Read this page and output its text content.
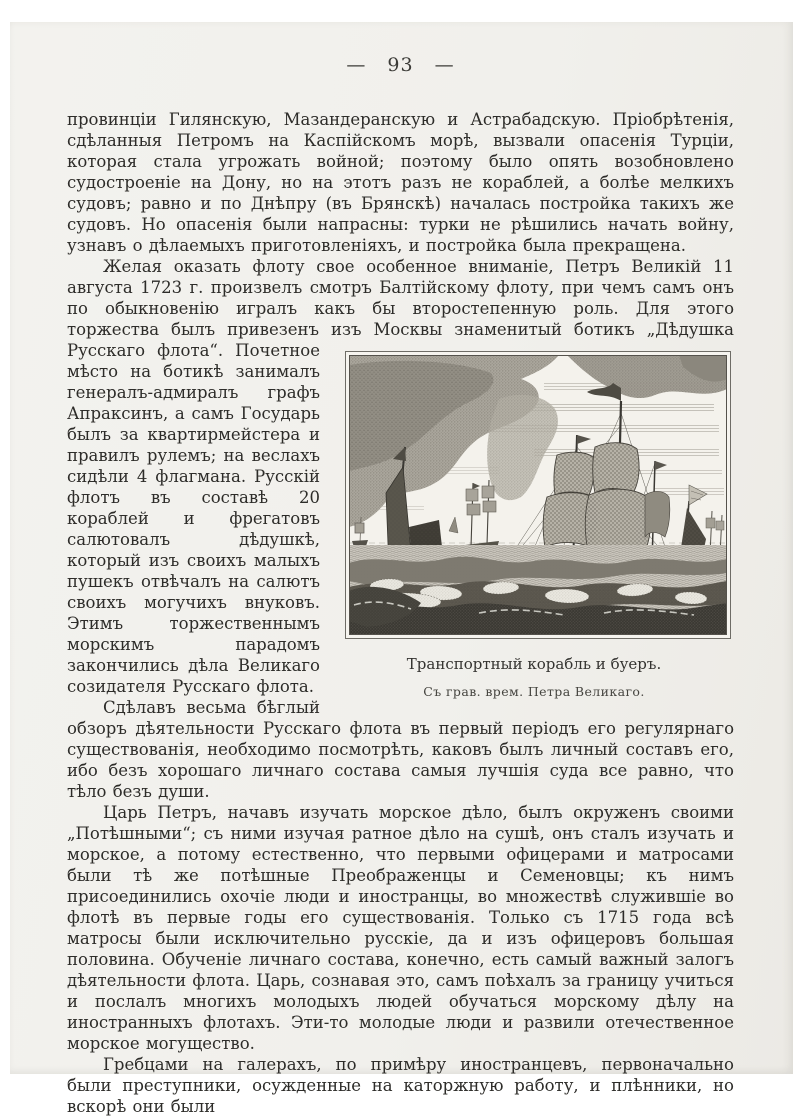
— 93 —

провинціи Гилянскую, Мазандеранскую и Астрабадскую. Пріобрѣтенія, сдѣланныя Петромъ на Каспійскомъ морѣ, вызвали опасенія Турціи, которая стала угрожать войной; поэтому было опять возобновлено судостроеніе на Дону, но на этотъ разъ не кораблей, а болѣе мелкихъ судовъ; равно и по Днѣпру (въ Брянскѣ) началась постройка такихъ же судовъ. Но опасенія были напрасны: турки не рѣшились начать войну, узнавъ о дѣлаемыхъ приготовленіяхъ, и постройка была прекращена.

Транспортный корабль и буеръ.
Съ грав. врем. Петра Великаго.

Желая оказать флоту свое особенное вниманіе, Петръ Великій 11 августа 1723 г. произвелъ смотръ Балтійскому флоту, при чемъ самъ онъ по обыкновенію игралъ какъ бы второстепенную роль. Для этого торжества былъ привезенъ изъ Москвы знаменитый ботикъ „Дѣдушка Русскаго флота“. Почетное мѣсто на ботикѣ занималъ генералъ-адмиралъ графъ Апраксинъ, а самъ Государь былъ за квартирмейстера и правилъ рулемъ; на веслахъ сидѣли 4 флагмана. Русскій флотъ въ составѣ 20 кораблей и фрегатовъ салютовалъ дѣдушкѣ, который изъ своихъ малыхъ пушекъ отвѣчалъ на салютъ своихъ могучихъ внуковъ. Этимъ торжественнымъ морскимъ парадомъ закончились дѣла Великаго созидателя Русскаго флота.

Сдѣлавъ весьма бѣглый обзоръ дѣятельности Русскаго флота въ первый періодъ его регулярнаго существованія, необходимо посмотрѣть, каковъ былъ личный составъ его, ибо безъ хорошаго личнаго состава самыя лучшія суда все равно, что тѣло безъ души.

Царь Петръ, начавъ изучать морское дѣло, былъ окруженъ своими „Потѣшными“; съ ними изучая ратное дѣло на сушѣ, онъ сталъ изучать и морское, а потому естественно, что первыми офицерами и матросами были тѣ же потѣшные Преображенцы и Семеновцы; къ нимъ присоединились охочіе люди и иностранцы, во множествѣ служившіе во флотѣ въ первые годы его существованія. Только съ 1715 года всѣ матросы были исключительно русскіе, да и изъ офицеровъ большая половина. Обученіе личнаго состава, конечно, есть самый важный залогъ дѣятельности флота. Царь, сознавая это, самъ поѣхалъ за границу учиться и послалъ многихъ молодыхъ людей обучаться морскому дѣлу на иностранныхъ флотахъ. Эти-то молодые люди и развили отечественное морское могущество.

Гребцами на галерахъ, по примѣру иностранцевъ, первоначально были преступники, осужденные на каторжную работу, и плѣнники, но вскорѣ они были
